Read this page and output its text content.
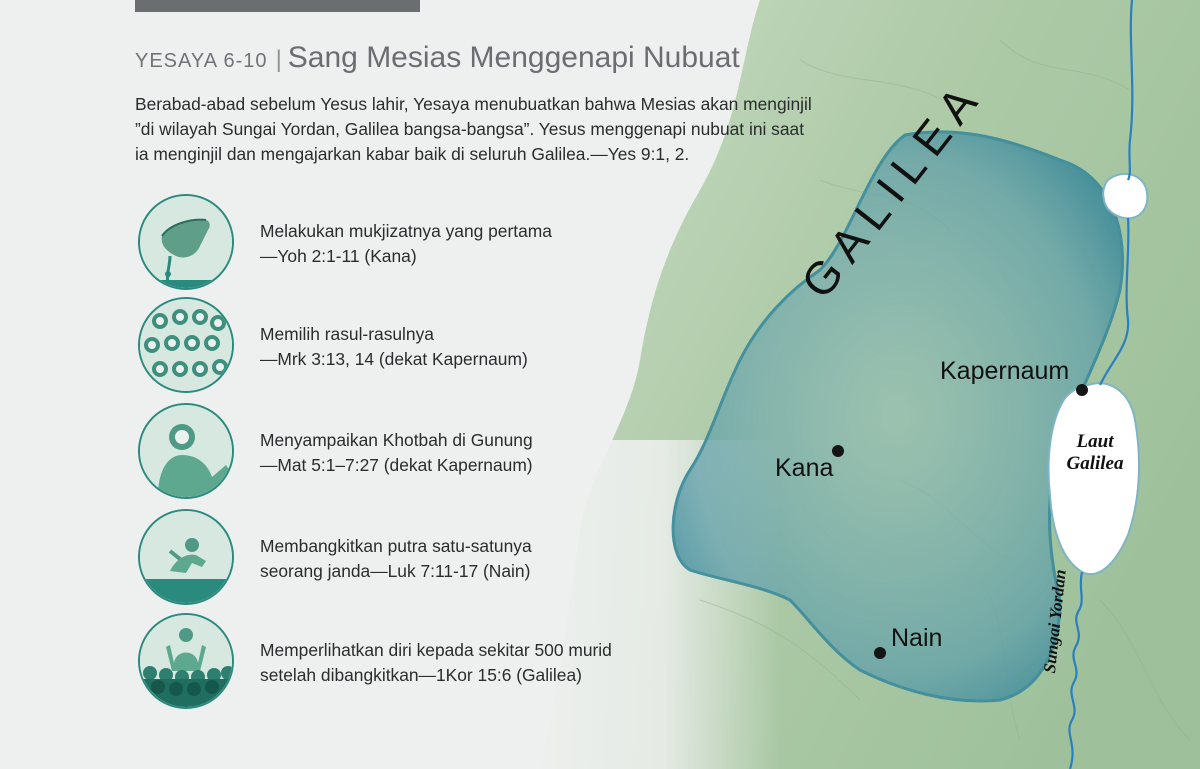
YESAYA 6-10 | Sang Mesias Menggenapi Nubuat
Berabad-abad sebelum Yesus lahir, Yesaya menubuatkan bahwa Mesias akan menginjil
”di wilayah Sungai Yordan, Galilea bangsa-bangsa”. Yesus menggenapi nubuat ini saat
ia menginjil dan mengajarkan kabar baik di seluruh Galilea.—Yes 9:1, 2.
Melakukan mukjizatnya yang pertama
—Yoh 2:1-11 (Kana)
Memilih rasul-rasulnya
—Mrk 3:13, 14 (dekat Kapernaum)
Menyampaikan Khotbah di Gunung
—Mat 5:1–7:27 (dekat Kapernaum)
Membangkitkan putra satu-satunya
seorang janda—Luk 7:11-17 (Nain)
Memperlihatkan diri kepada sekitar 500 murid
setelah dibangkitkan—1Kor 15:6 (Galilea)
GALILEA
Kapernaum
Kana
Nain
Laut
Galilea
Sungai Yordan
